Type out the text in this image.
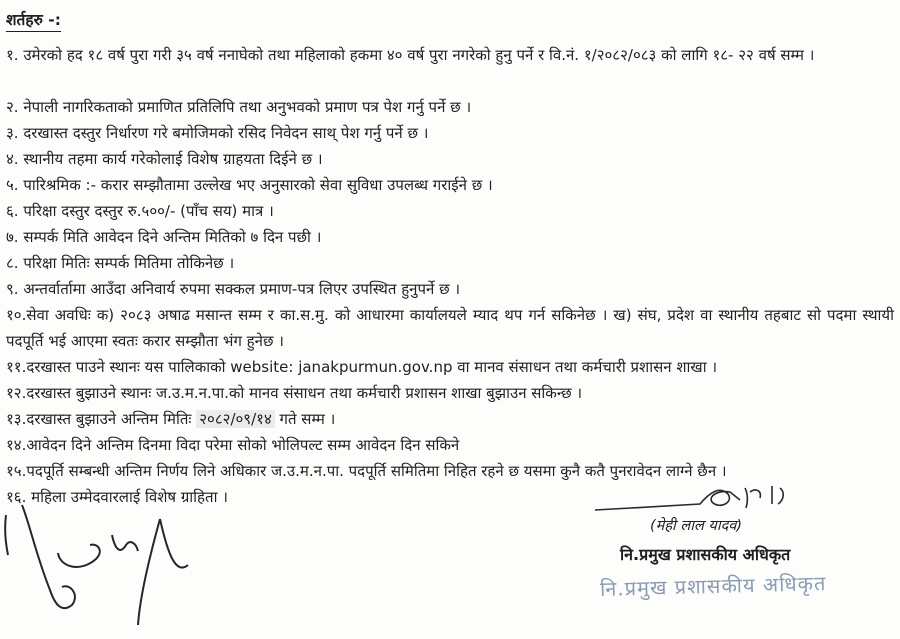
शर्तहरु -:
१. उमेरको हद १८ वर्ष पुरा गरी ३५ वर्ष ननाघेको तथा महिलाको हकमा ४० वर्ष पुरा नगरेको हुनु पर्ने र वि.नं. १/२०८२/०८३ को लागि १८- २२ वर्ष सम्म ।
२. नेपाली नागरिकताको प्रमाणित प्रतिलिपि तथा अनुभवको प्रमाण पत्र पेश गर्नु पर्ने छ ।
३. दरखास्त दस्तुर निर्धारण गरे बमोजिमको रसिद निवेदन साथ् पेश गर्नु पर्ने छ ।
४. स्थानीय तहमा कार्य गरेकोलाई विशेष ग्राहयता दिईने छ ।
५. पारिश्रमिक :- करार सम्झौतामा उल्लेख भए अनुसारको सेवा सुविधा उपलब्ध गराईने छ ।
६. परिक्षा दस्तुर दस्तुर रु.५००/- (पाँच सय) मात्र ।
७. सम्पर्क मिति आवेदन दिने अन्तिम मितिको ७ दिन पछी ।
८. परिक्षा मितिः सम्पर्क मितिमा तोकिनेछ ।
९. अन्तर्वार्तामा आउँदा अनिवार्य रुपमा सक्कल प्रमाण-पत्र लिएर उपस्थित हुनुपर्ने छ ।
१०.सेवा अवधिः क) २०८३ अषाढ मसान्त सम्म र का.स.मु. को आधारमा कार्यालयले म्याद थप गर्न सकिनेछ । ख) संघ, प्रदेश वा स्थानीय तहबाट सो पदमा स्थायी पदपूर्ति भई आएमा स्वतः करार सम्झौता भंग हुनेछ ।
११.दरखास्त पाउने स्थानः यस पालिकाको website: janakpurmun.gov.np वा मानव संसाधन तथा कर्मचारी प्रशासन शाखा ।
१२.दरखास्त बुझाउने स्थानः ज.उ.म.न.पा.को मानव संसाधन तथा कर्मचारी प्रशासन शाखा बुझाउन सकिन्छ ।
१३.दरखास्त बुझाउने अन्तिम मितिः २०८२/०९/१४ गते सम्म ।
१४.आवेदन दिने अन्तिम दिनमा विदा परेमा सोको भोलिपल्ट सम्म आवेदन दिन सकिने
१५.पदपूर्ति सम्बन्धी अन्तिम निर्णय लिने अधिकार ज.उ.म.न.पा. पदपूर्ति समितिमा निहित रहने छ यसमा कुनै कतै पुनरावेदन लाग्ने छैन ।
१६. महिला उम्मेदवारलाई विशेष ग्राहिता ।
(मेही लाल यादव)
नि.प्रमुख प्रशासकीय अधिकृत
नि.प्रमुख प्रशासकीय अधिकृत
